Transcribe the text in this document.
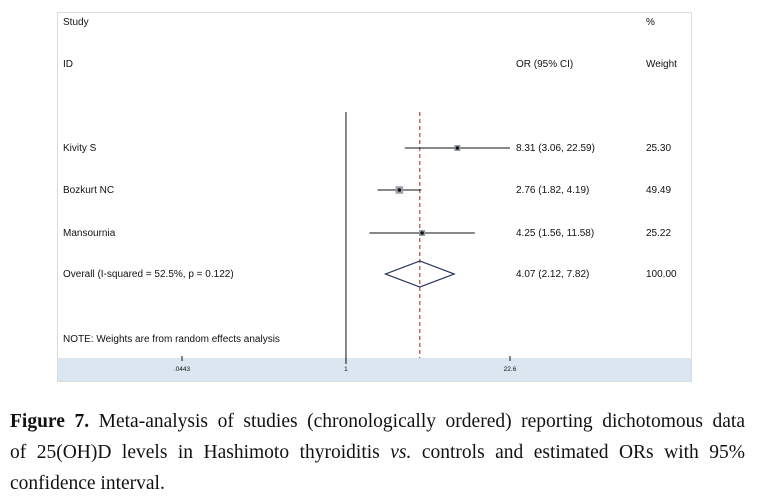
Study
ID	OR (95% CI)
%
Weight
Kivity S	8.31 (3.06, 22.59)	25.30
Bozkurt NC	2.76 (1.82, 4.19)	49.49
Mansournia	4.25 (1.56, 11.58)	25.22
Overall (I-squared = 52.5%, p = 0.122)	4.07 (2.12, 7.82)	100.00
NOTE: Weights are from random effects analysis
.0443	1	22.6
Figure 7. Meta-analysis of studies (chronologically ordered) reporting dichotomous data
of 25(OH)D levels in Hashimoto thyroiditis vs. controls and estimated ORs with 95%
confidence interval.
